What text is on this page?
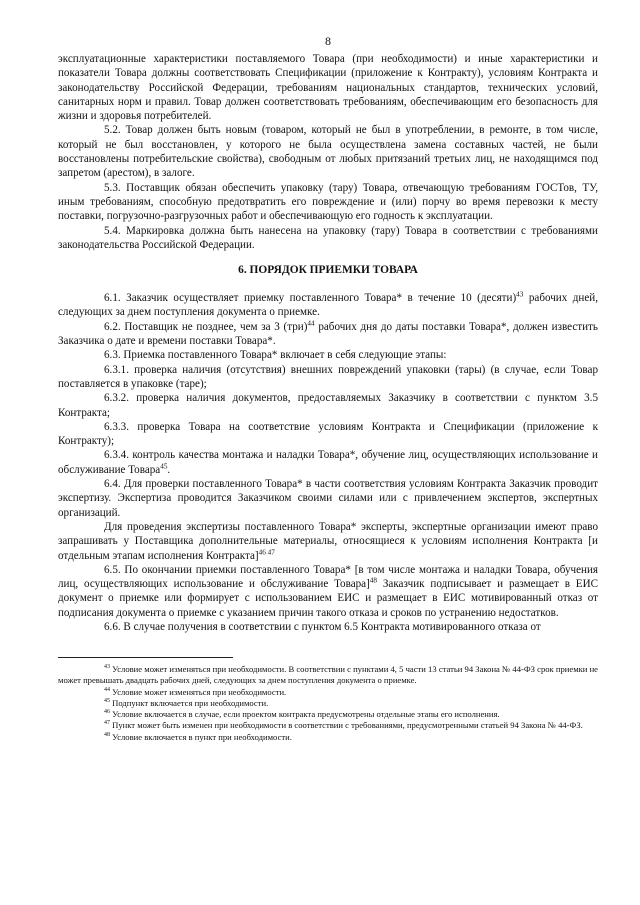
8

эксплуатационные характеристики поставляемого Товара (при необходимости) и иные характеристики и показатели Товара должны соответствовать Спецификации (приложение к Контракту), условиям Контракта и законодательству Российской Федерации, требованиям национальных стандартов, технических условий, санитарных норм и правил. Товар должен соответствовать требованиям, обеспечивающим его безопасность для жизни и здоровья потребителей.

5.2. Товар должен быть новым (товаром, который не был в употреблении, в ремонте, в том числе, который не был восстановлен, у которого не была осуществлена замена составных частей, не были восстановлены потребительские свойства), свободным от любых притязаний третьих лиц, не находящимся под запретом (арестом), в залоге.

5.3. Поставщик обязан обеспечить упаковку (тару) Товара, отвечающую требованиям ГОСТов, ТУ, иным требованиям, способную предотвратить его повреждение и (или) порчу во время перевозки к месту поставки, погрузочно-разгрузочных работ и обеспечивающую его годность к эксплуатации.

5.4. Маркировка должна быть нанесена на упаковку (тару) Товара в соответствии с требованиями законодательства Российской Федерации.

6. ПОРЯДОК ПРИЕМКИ ТОВАРА

6.1. Заказчик осуществляет приемку поставленного Товара* в течение 10 (десяти)$^{43}$ рабочих дней, следующих за днем поступления документа о приемке.

6.2. Поставщик не позднее, чем за 3 (три)$^{44}$ рабочих дня до даты поставки Товара*, должен известить Заказчика о дате и времени поставки Товара*.

6.3. Приемка поставленного Товара* включает в себя следующие этапы:

6.3.1. проверка наличия (отсутствия) внешних повреждений упаковки (тары) (в случае, если Товар поставляется в упаковке (таре);

6.3.2. проверка наличия документов, предоставляемых Заказчику в соответствии с пунктом 3.5 Контракта;

6.3.3. проверка Товара на соответствие условиям Контракта и Спецификации (приложение к Контракту);

6.3.4. контроль качества монтажа и наладки Товара*, обучение лиц, осуществляющих использование и обслуживание Товара$^{45}$.

6.4. Для проверки поставленного Товара* в части соответствия условиям Контракта Заказчик проводит экспертизу. Экспертиза проводится Заказчиком своими силами или с привлечением экспертов, экспертных организаций.

Для проведения экспертизы поставленного Товара* эксперты, экспертные организации имеют право запрашивать у Поставщика дополнительные материалы, относящиеся к условиям исполнения Контракта [и отдельным этапам исполнения Контракта]$^{46 47}$

6.5. По окончании приемки поставленного Товара* [в том числе монтажа и наладки Товара, обучения лиц, осуществляющих использование и обслуживание Товара]$^{48}$ Заказчик подписывает и размещает в ЕИС документ о приемке или формирует с использованием ЕИС и размещает в ЕИС мотивированный отказ от подписания документа о приемке с указанием причин такого отказа и сроков по устранению недостатков.

6.6. В случае получения в соответствии с пунктом 6.5 Контракта мотивированного отказа от

$^{43}$ Условие может изменяться при необходимости. В соответствии с пунктами 4, 5 части 13 статьи 94 Закона № 44-ФЗ срок приемки не может превышать двадцать рабочих дней, следующих за днем поступления документа о приемке.

$^{44}$ Условие может изменяться при необходимости.

$^{45}$ Подпункт включается при необходимости.

$^{46}$ Условие включается в случае, если проектом контракта предусмотрены отдельные этапы его исполнения.

$^{47}$ Пункт может быть изменен при необходимости в соответствии с требованиями, предусмотренными статьей 94 Закона № 44-ФЗ.

$^{48}$ Условие включается в пункт при необходимости.
